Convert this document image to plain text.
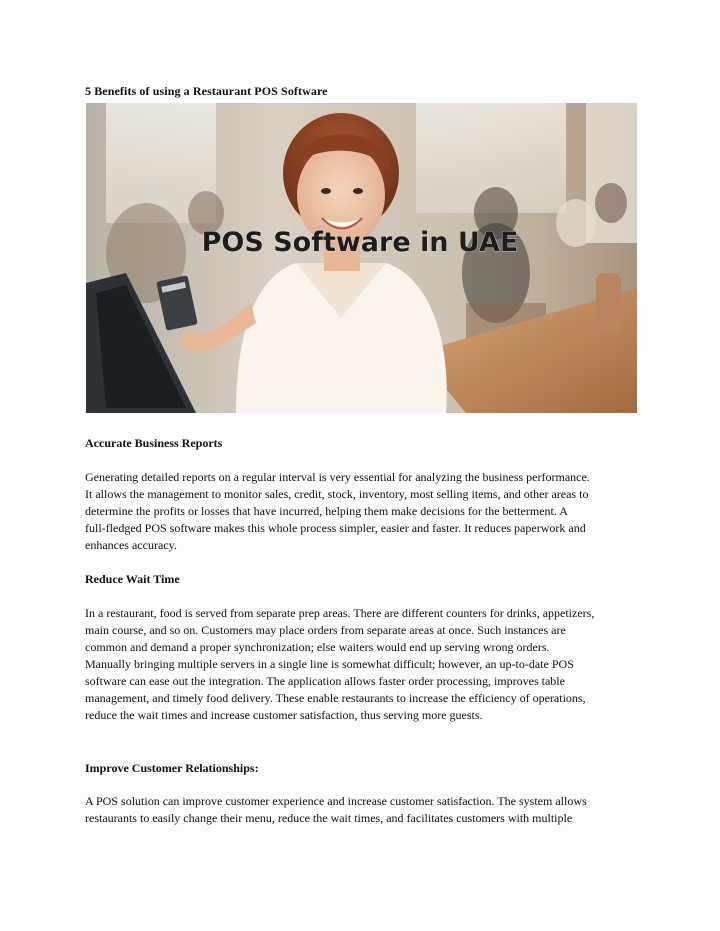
5 Benefits of using a Restaurant POS Software
POS Software in UAE
Accurate Business Reports
Generating detailed reports on a regular interval is very essential for analyzing the business performance.
It allows the management to monitor sales, credit, stock, inventory, most selling items, and other areas to
determine the profits or losses that have incurred, helping them make decisions for the betterment. A
full-fledged POS software makes this whole process simpler, easier and faster. It reduces paperwork and
enhances accuracy.
Reduce Wait Time
In a restaurant, food is served from separate prep areas. There are different counters for drinks, appetizers,
main course, and so on. Customers may place orders from separate areas at once. Such instances are
common and demand a proper synchronization; else waiters would end up serving wrong orders.
Manually bringing multiple servers in a single line is somewhat difficult; however, an up-to-date POS
software can ease out the integration. The application allows faster order processing, improves table
management, and timely food delivery. These enable restaurants to increase the efficiency of operations,
reduce the wait times and increase customer satisfaction, thus serving more guests.
Improve Customer Relationships:
A POS solution can improve customer experience and increase customer satisfaction. The system allows
restaurants to easily change their menu, reduce the wait times, and facilitates customers with multiple
